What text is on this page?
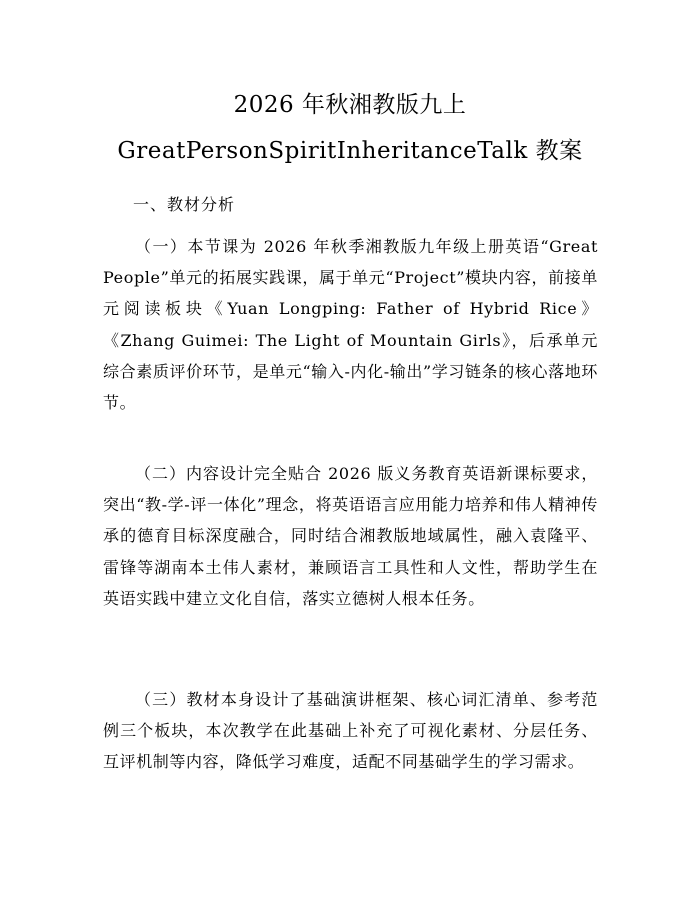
2026 年秋湘教版九上
GreatPersonSpiritInheritanceTalk 教案
一、教材分析

（一）本节课为 2026 年秋季湘教版九年级上册英语“Great People”单元的拓展实践课，属于单元“Project”模块内容，前接单元阅读板块《Yuan Longping: Father of Hybrid Rice》《Zhang Guimei: The Light of Mountain Girls》，后承单元综合素质评价环节，是单元“输入-内化-输出”学习链条的核心落地环节。

（二）内容设计完全贴合 2026 版义务教育英语新课标要求，突出“教-学-评一体化”理念，将英语语言应用能力培养和伟人精神传承的德育目标深度融合，同时结合湘教版地域属性，融入袁隆平、雷锋等湖南本土伟人素材，兼顾语言工具性和人文性，帮助学生在英语实践中建立文化自信，落实立德树人根本任务。

（三）教材本身设计了基础演讲框架、核心词汇清单、参考范例三个板块，本次教学在此基础上补充了可视化素材、分层任务、互评机制等内容，降低学习难度，适配不同基础学生的学习需求。
